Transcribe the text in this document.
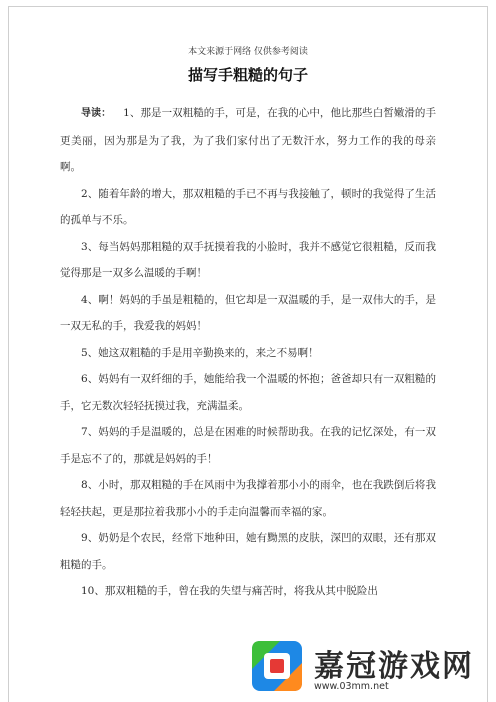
本文来源于网络 仅供参考阅读
描写手粗糙的句子

导读： 1、那是一双粗糙的手，可是，在我的心中，他比那些白皙嫩滑的手更美丽，因为那是为了我，为了我们家付出了无数汗水，努力工作的我的母亲啊。

2、随着年龄的增大，那双粗糙的手已不再与我接触了，顿时的我觉得了生活的孤单与不乐。

3、每当妈妈那粗糙的双手抚摸着我的小脸时，我并不感觉它很粗糙，反而我觉得那是一双多么温暖的手啊！

4、啊！妈妈的手虽是粗糙的，但它却是一双温暖的手，是一双伟大的手，是一双无私的手，我爱我的妈妈！

5、她这双粗糙的手是用辛勤换来的，来之不易啊！

6、妈妈有一双纤细的手，她能给我一个温暖的怀抱；爸爸却只有一双粗糙的手，它无数次轻轻抚摸过我，充满温柔。

7、妈妈的手是温暖的，总是在困难的时候帮助我。在我的记忆深处，有一双手是忘不了的，那就是妈妈的手！

8、小时，那双粗糙的手在风雨中为我撑着那小小的雨伞，也在我跌倒后将我轻轻扶起，更是那拉着我那小小的手走向温馨而幸福的家。

9、奶奶是个农民，经常下地种田，她有黝黑的皮肤，深凹的双眼，还有那双粗糙的手。

10、那双粗糙的手，曾在我的失望与痛苦时，将我从其中脱险出

嘉冠游戏网
www.03mm.net
